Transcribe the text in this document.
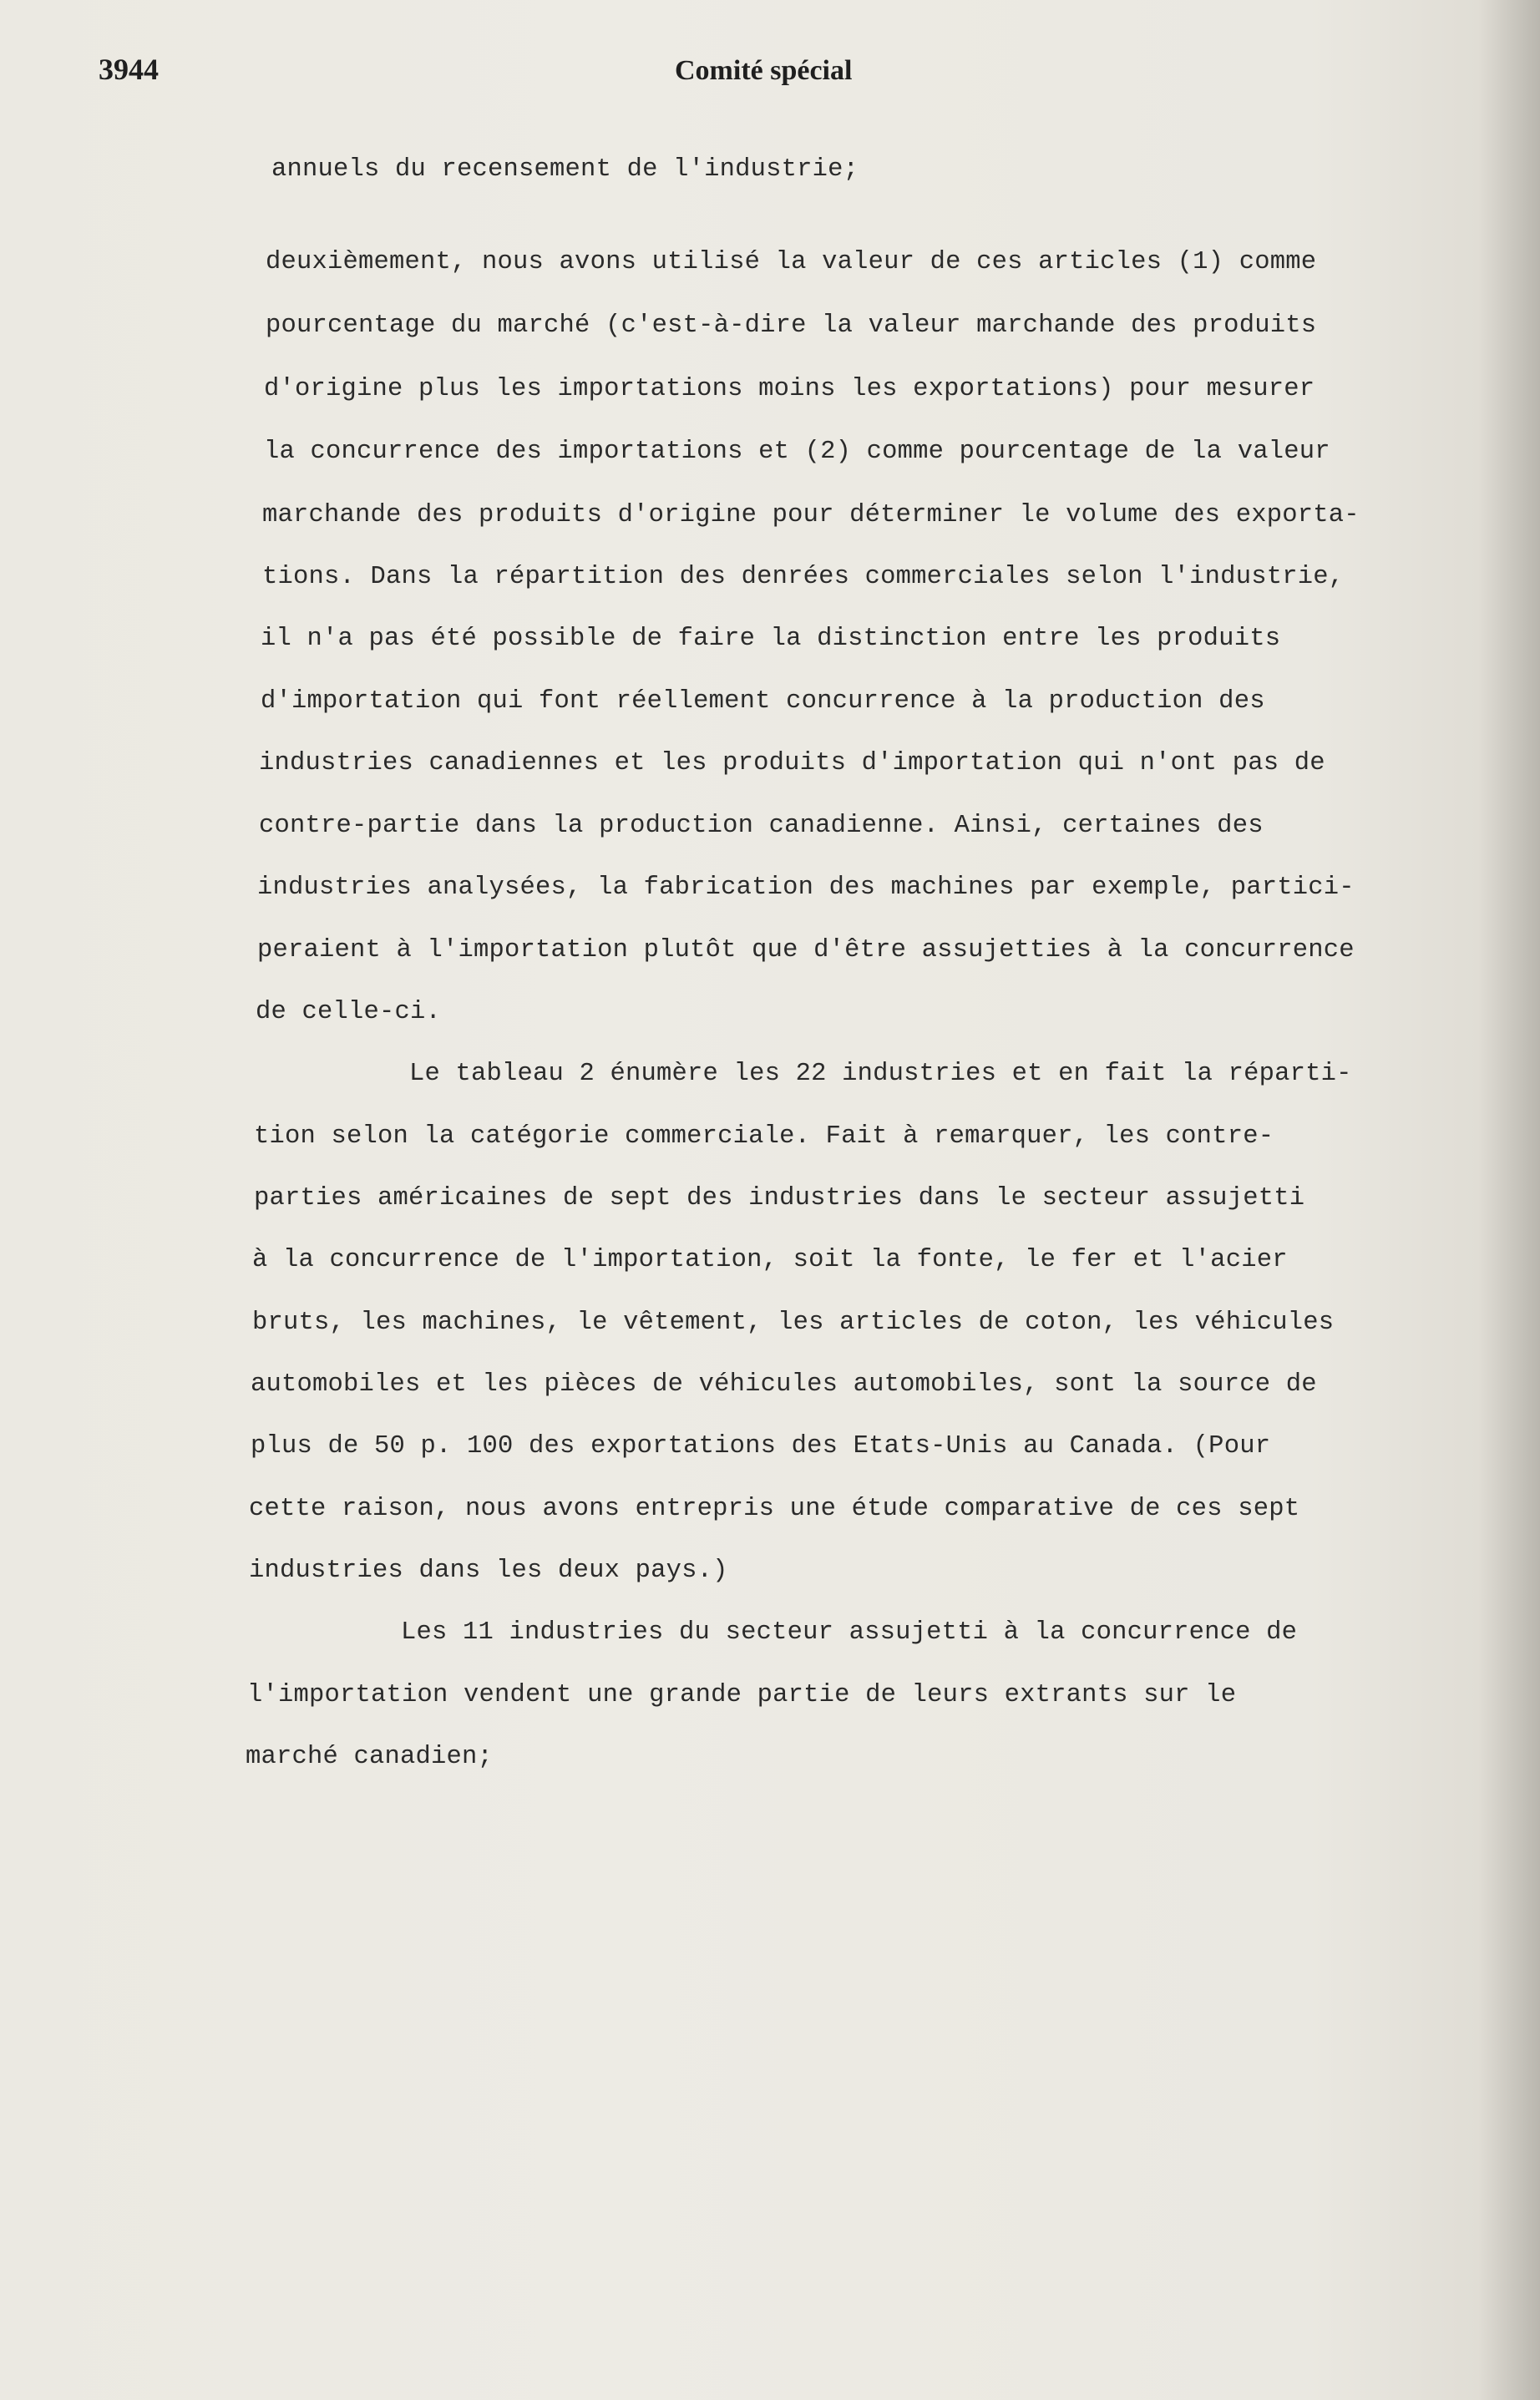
3944	Comité spécial
annuels du recensement de l'industrie;
deuxièmement, nous avons utilisé la valeur de ces articles (1) comme
pourcentage du marché (c'est-à-dire la valeur marchande des produits
d'origine plus les importations moins les exportations) pour mesurer
la concurrence des importations et (2) comme pourcentage de la valeur
marchande des produits d'origine pour déterminer le volume des exporta-
tions. Dans la répartition des denrées commerciales selon l'industrie,
il n'a pas été possible de faire la distinction entre les produits
d'importation qui font réellement concurrence à la production des
industries canadiennes et les produits d'importation qui n'ont pas de
contre-partie dans la production canadienne. Ainsi, certaines des
industries analysées, la fabrication des machines par exemple, partici-
peraient à l'importation plutôt que d'être assujetties à la concurrence
de celle-ci.
Le tableau 2 énumère les 22 industries et en fait la réparti-
tion selon la catégorie commerciale. Fait à remarquer, les contre-
parties américaines de sept des industries dans le secteur assujetti
à la concurrence de l'importation, soit la fonte, le fer et l'acier
bruts, les machines, le vêtement, les articles de coton, les véhicules
automobiles et les pièces de véhicules automobiles, sont la source de
plus de 50 p. 100 des exportations des Etats-Unis au Canada. (Pour
cette raison, nous avons entrepris une étude comparative de ces sept
industries dans les deux pays.)
Les 11 industries du secteur assujetti à la concurrence de
l'importation vendent une grande partie de leurs extrants sur le
marché canadien;
